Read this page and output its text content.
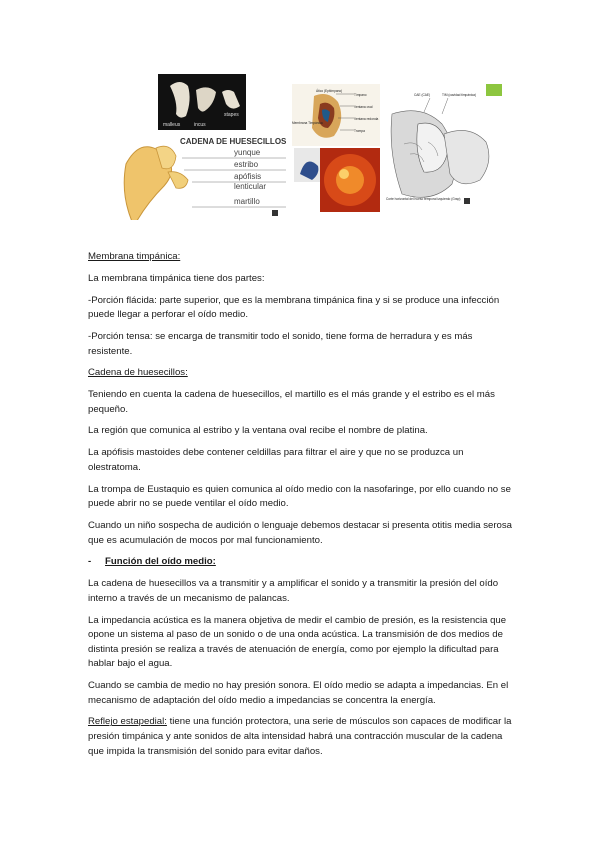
malleus	incus
stapes
CADENA DE HUESECILLOS
yunque
estribo
apófisis
lenticular
martillo
Ático (Epitímpano)
Tímpano
Membrana Timpánica
Ventana oval
Ventana redonda
Trompa
CAE (CAE)	TIM (cavidad timpánica)
Corte horizontal del hueso temporal izquierdo (Grap)

Membrana timpánica:

La membrana timpánica tiene dos partes:

-Porción flácida: parte superior, que es la membrana timpánica fina y si se produce una infección puede llegar a perforar el oído medio.

-Porción tensa: se encarga de transmitir todo el sonido, tiene forma de herradura y es más resistente.

Cadena de huesecillos:

Teniendo en cuenta la cadena de huesecillos, el martillo es el más grande y el estribo es el más pequeño.

La región que comunica al estribo y la ventana oval recibe el nombre de platina.

La apófisis mastoides debe contener celdillas para filtrar el aire y que no se produzca un olestratoma.

La trompa de Eustaquio es quien comunica al oído medio con la nasofaringe, por ello cuando no se puede abrir no se puede ventilar el oído medio.

Cuando un niño sospecha de audición o lenguaje debemos destacar si presenta otitis media serosa que es acumulación de mocos por mal funcionamiento.

-	Función del oído medio:

La cadena de huesecillos va a transmitir y a amplificar el sonido y a transmitir la presión del oído interno a través de un mecanismo de palancas.

La impedancia acústica es la manera objetiva de medir el cambio de presión, es la resistencia que opone un sistema al paso de un sonido o de una onda acústica. La transmisión de dos medios de distinta presión se realiza a través de atenuación de energía, como por ejemplo la dificultad para hablar bajo el agua.

Cuando se cambia de medio no hay presión sonora. El oído medio se adapta a impedancias. En el mecanismo de adaptación del oído medio a impedancias se concentra la energía.

Reflejo estapedial: tiene una función protectora, una serie de músculos son capaces de modificar la presión timpánica y ante sonidos de alta intensidad habrá una contracción muscular de la cadena que impida la transmisión del sonido para evitar daños.
